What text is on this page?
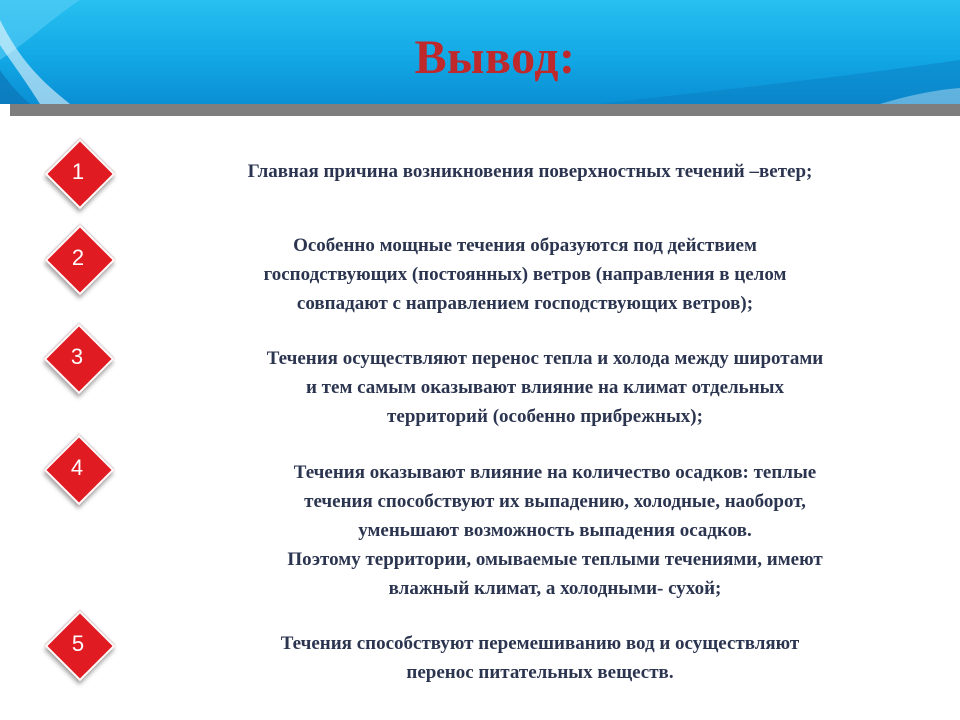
Вывод:
1	Главная причина возникновения поверхностных течений –ветер;
2	Особенно мощные течения образуются под действием
господствующих (постоянных) ветров (направления в целом
совпадают с направлением господствующих ветров);
3	Течения осуществляют перенос тепла и холода между широтами
и тем самым оказывают влияние на климат отдельных
территорий (особенно прибрежных);
4	Течения оказывают влияние на количество осадков: теплые
течения способствуют их выпадению, холодные, наоборот,
уменьшают возможность выпадения осадков.
Поэтому территории, омываемые теплыми течениями, имеют
влажный климат, а холодными- сухой;
5	Течения способствуют перемешиванию вод и осуществляют
перенос питательных веществ.
